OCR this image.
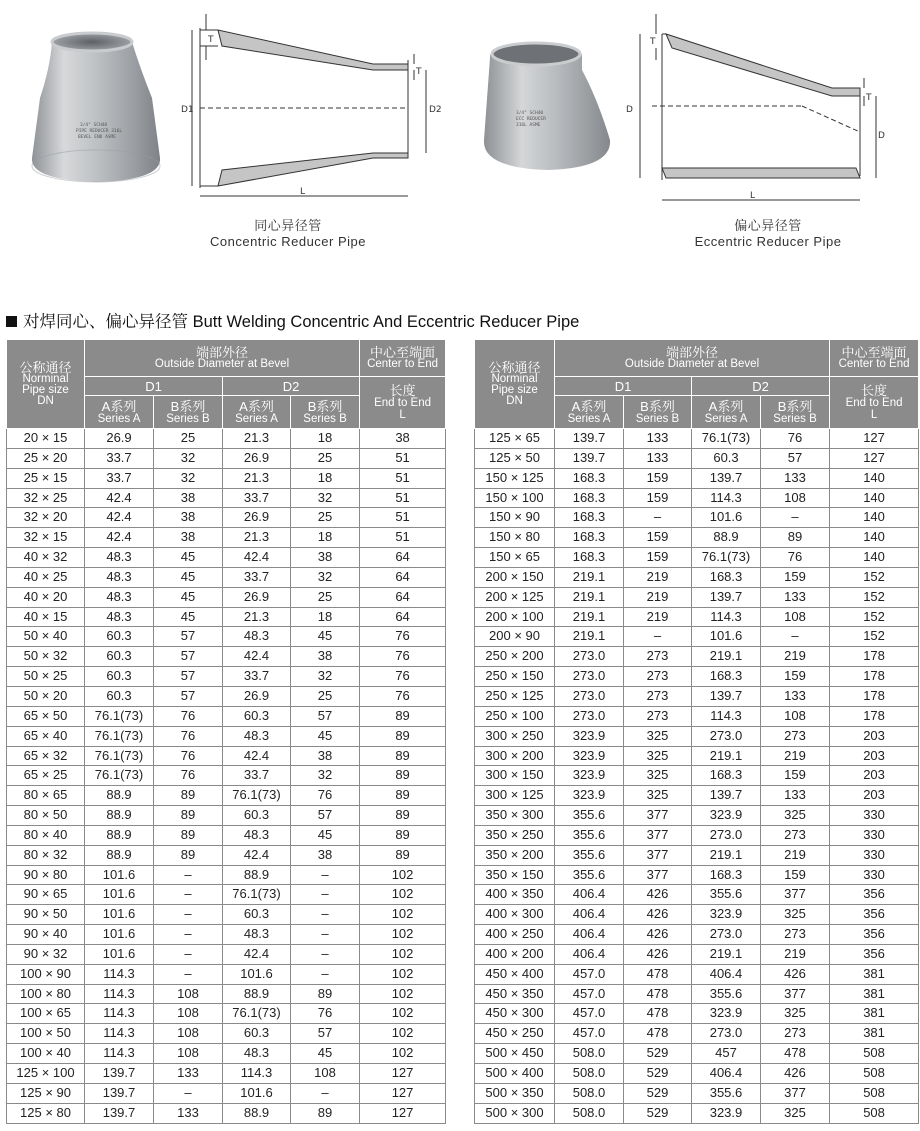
3/4" SCH40
PIPE REDUCER 316L
BEVEL END ASME
T
T
D1	D2
L
同心异径管
Concentric Reducer Pipe
3/4" SCH40
ECC REDUCER
316L ASME
T
T
D
D
L
偏心异径管
Eccentric Reducer Pipe
对焊同心、偏心异径管 Butt Welding Concentric And Eccentric Reducer Pipe
公称通径
Norminal
Pipe size
DN	端部外径
Outside Diameter at Bevel				中心至端面
Center to End

	D1		D2		长度
End to End
L

	A系列
Series A	B系列
Series B	A系列
Series A	B系列
Series B	

20 × 15	26.9	25	21.3	18	38
25 × 20	33.7	32	26.9	25	51
25 × 15	33.7	32	21.3	18	51
32 × 25	42.4	38	33.7	32	51
32 × 20	42.4	38	26.9	25	51
32 × 15	42.4	38	21.3	18	51
40 × 32	48.3	45	42.4	38	64
40 × 25	48.3	45	33.7	32	64
40 × 20	48.3	45	26.9	25	64
40 × 15	48.3	45	21.3	18	64
50 × 40	60.3	57	48.3	45	76
50 × 32	60.3	57	42.4	38	76
50 × 25	60.3	57	33.7	32	76
50 × 20	60.3	57	26.9	25	76
65 × 50	76.1(73)	76	60.3	57	89
65 × 40	76.1(73)	76	48.3	45	89
65 × 32	76.1(73)	76	42.4	38	89
65 × 25	76.1(73)	76	33.7	32	89
80 × 65	88.9	89	76.1(73)	76	89
80 × 50	88.9	89	60.3	57	89
80 × 40	88.9	89	48.3	45	89
80 × 32	88.9	89	42.4	38	89
90 × 80	101.6	–	88.9	–	102
90 × 65	101.6	–	76.1(73)	–	102
90 × 50	101.6	–	60.3	–	102
90 × 40	101.6	–	48.3	–	102
90 × 32	101.6	–	42.4	–	102
100 × 90	114.3	–	101.6	–	102
100 × 80	114.3	108	88.9	89	102
100 × 65	114.3	108	76.1(73)	76	102
100 × 50	114.3	108	60.3	57	102
100 × 40	114.3	108	48.3	45	102
125 × 100	139.7	133	114.3	108	127
125 × 90	139.7	–	101.6	–	127
125 × 80	139.7	133	88.9	89	127
公称通径
Norminal
Pipe size
DN	端部外径
Outside Diameter at Bevel				中心至端面
Center to End

	D1		D2		长度
End to End
L

	A系列
Series A	B系列
Series B	A系列
Series A	B系列
Series B	

125 × 65	139.7	133	76.1(73)	76	127
125 × 50	139.7	133	60.3	57	127
150 × 125	168.3	159	139.7	133	140
150 × 100	168.3	159	114.3	108	140
150 × 90	168.3	–	101.6	–	140
150 × 80	168.3	159	88.9	89	140
150 × 65	168.3	159	76.1(73)	76	140
200 × 150	219.1	219	168.3	159	152
200 × 125	219.1	219	139.7	133	152
200 × 100	219.1	219	114.3	108	152
200 × 90	219.1	–	101.6	–	152
250 × 200	273.0	273	219.1	219	178
250 × 150	273.0	273	168.3	159	178
250 × 125	273.0	273	139.7	133	178
250 × 100	273.0	273	114.3	108	178
300 × 250	323.9	325	273.0	273	203
300 × 200	323.9	325	219.1	219	203
300 × 150	323.9	325	168.3	159	203
300 × 125	323.9	325	139.7	133	203
350 × 300	355.6	377	323.9	325	330
350 × 250	355.6	377	273.0	273	330
350 × 200	355.6	377	219.1	219	330
350 × 150	355.6	377	168.3	159	330
400 × 350	406.4	426	355.6	377	356
400 × 300	406.4	426	323.9	325	356
400 × 250	406.4	426	273.0	273	356
400 × 200	406.4	426	219.1	219	356
450 × 400	457.0	478	406.4	426	381
450 × 350	457.0	478	355.6	377	381
450 × 300	457.0	478	323.9	325	381
450 × 250	457.0	478	273.0	273	381
500 × 450	508.0	529	457	478	508
500 × 400	508.0	529	406.4	426	508
500 × 350	508.0	529	355.6	377	508
500 × 300	508.0	529	323.9	325	508
